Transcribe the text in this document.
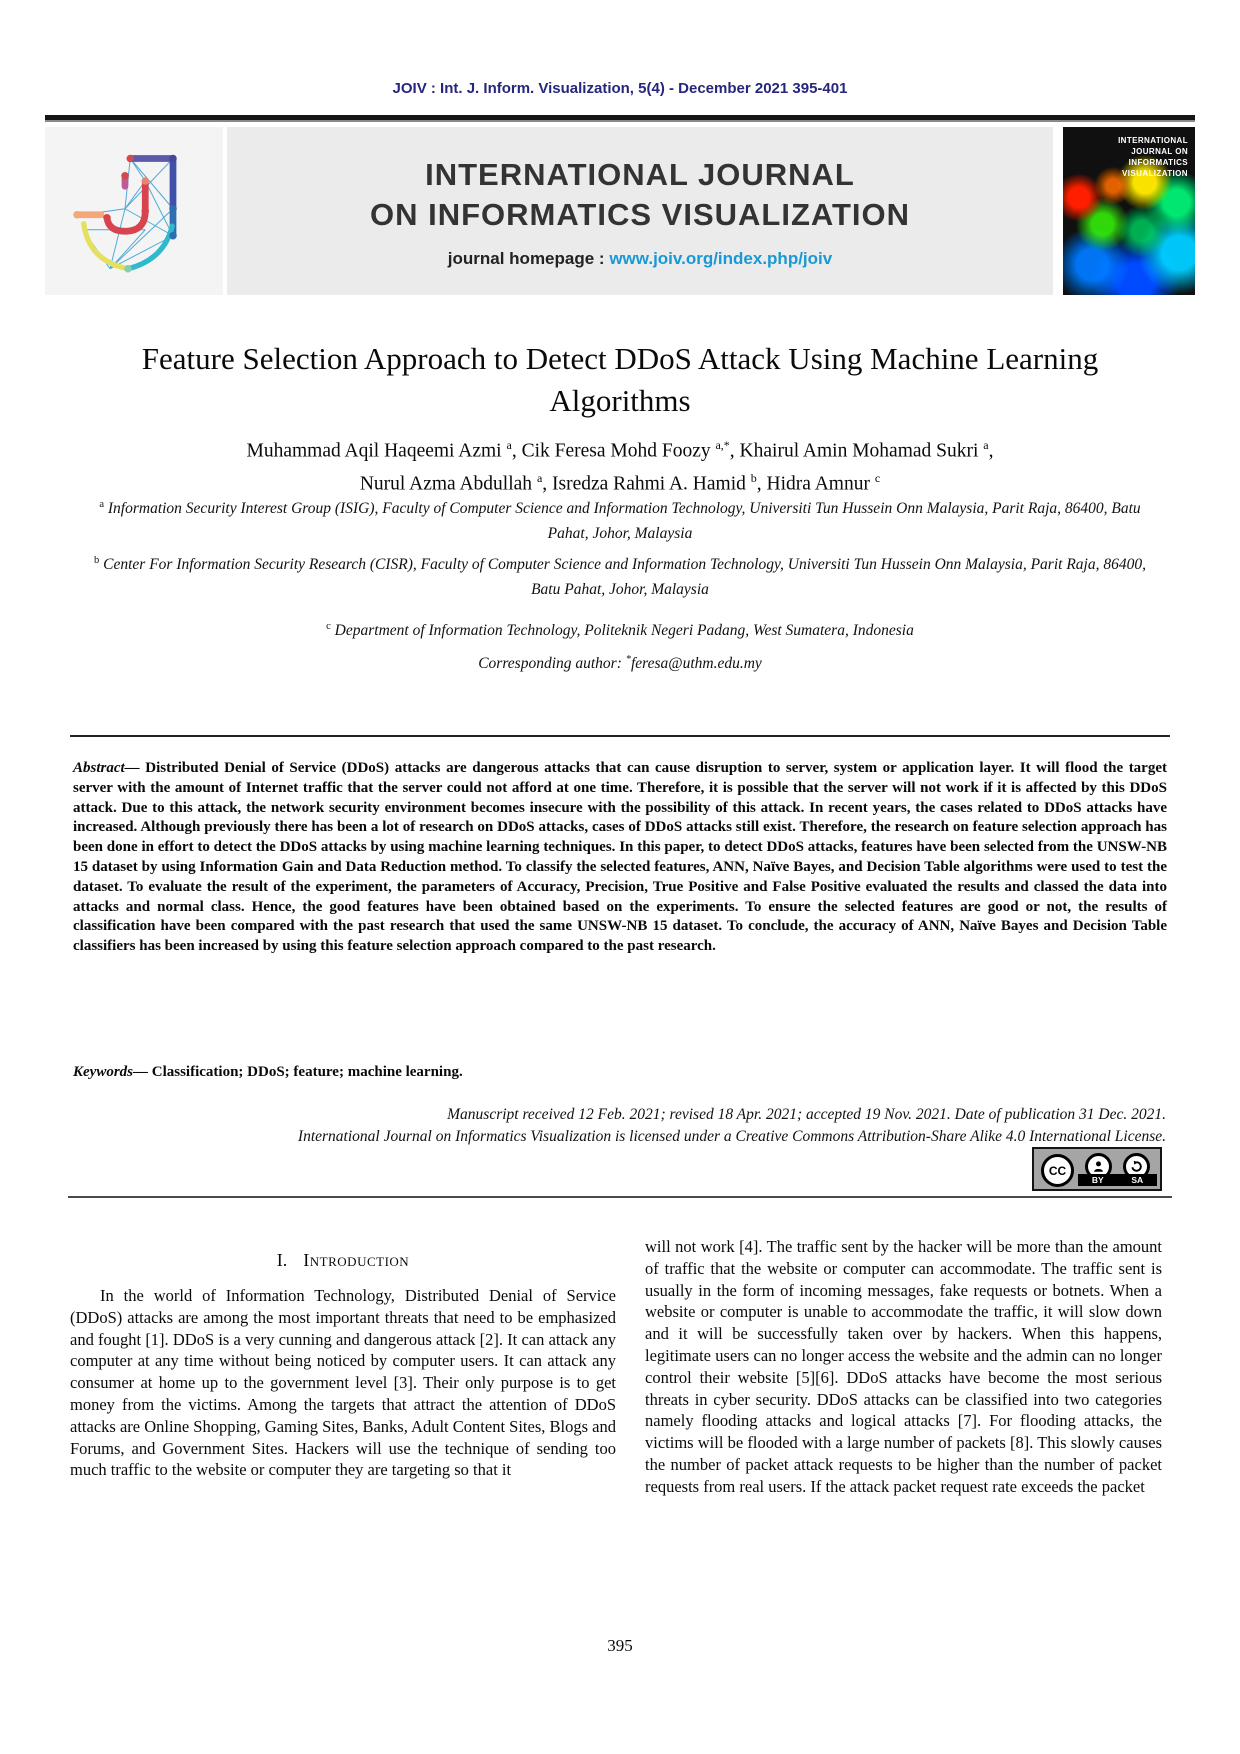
JOIV : Int. J. Inform. Visualization, 5(4) - December 2021 395-401
INTERNATIONAL JOURNAL
ON INFORMATICS VISUALIZATION
journal homepage : www.joiv.org/index.php/joiv
INTERNATIONAL
JOURNAL ON
INFORMATICS
VISUALIZATION
Feature Selection Approach to Detect DDoS Attack Using Machine Learning Algorithms
Muhammad Aqil Haqeemi Azmi $^a$, Cik Feresa Mohd Foozy $^{a,*}$, Khairul Amin Mohamad Sukri $^a$,
Nurul Azma Abdullah $^a$, Isredza Rahmi A. Hamid $^b$, Hidra Amnur $^c$
$^a$ Information Security Interest Group (ISIG), Faculty of Computer Science and Information Technology, Universiti Tun Hussein Onn Malaysia, Parit Raja, 86400, Batu Pahat, Johor, Malaysia
$^b$ Center For Information Security Research (CISR), Faculty of Computer Science and Information Technology, Universiti Tun Hussein Onn Malaysia, Parit Raja, 86400, Batu Pahat, Johor, Malaysia
$^c$ Department of Information Technology, Politeknik Negeri Padang, West Sumatera, Indonesia
Corresponding author: *feresa@uthm.edu.my
Abstract— Distributed Denial of Service (DDoS) attacks are dangerous attacks that can cause disruption to server, system or application layer. It will flood the target server with the amount of Internet traffic that the server could not afford at one time. Therefore, it is possible that the server will not work if it is affected by this DDoS attack. Due to this attack, the network security environment becomes insecure with the possibility of this attack. In recent years, the cases related to DDoS attacks have increased. Although previously there has been a lot of research on DDoS attacks, cases of DDoS attacks still exist. Therefore, the research on feature selection approach has been done in effort to detect the DDoS attacks by using machine learning techniques. In this paper, to detect DDoS attacks, features have been selected from the UNSW-NB 15 dataset by using Information Gain and Data Reduction method. To classify the selected features, ANN, Naïve Bayes, and Decision Table algorithms were used to test the dataset. To evaluate the result of the experiment, the parameters of Accuracy, Precision, True Positive and False Positive evaluated the results and classed the data into attacks and normal class. Hence, the good features have been obtained based on the experiments. To ensure the selected features are good or not, the results of classification have been compared with the past research that used the same UNSW-NB 15 dataset. To conclude, the accuracy of ANN, Naïve Bayes and Decision Table classifiers has been increased by using this feature selection approach compared to the past research.
Keywords— Classification; DDoS; feature; machine learning.
Manuscript received 12 Feb. 2021; revised 18 Apr. 2021; accepted 19 Nov. 2021. Date of publication 31 Dec. 2021.
International Journal on Informatics Visualization is licensed under a Creative Commons Attribution-Share Alike 4.0 International License.
CC
BY	SA
I. Introduction
In the world of Information Technology, Distributed Denial of Service (DDoS) attacks are among the most important threats that need to be emphasized and fought [1]. DDoS is a very cunning and dangerous attack [2]. It can attack any computer at any time without being noticed by computer users. It can attack any consumer at home up to the government level [3]. Their only purpose is to get money from the victims. Among the targets that attract the attention of DDoS attacks are Online Shopping, Gaming Sites, Banks, Adult Content Sites, Blogs and Forums, and Government Sites. Hackers will use the technique of sending too much traffic to the website or computer they are targeting so that it
will not work [4]. The traffic sent by the hacker will be more than the amount of traffic that the website or computer can accommodate. The traffic sent is usually in the form of incoming messages, fake requests or botnets. When a website or computer is unable to accommodate the traffic, it will slow down and it will be successfully taken over by hackers. When this happens, legitimate users can no longer access the website and the admin can no longer control their website [5][6]. DDoS attacks have become the most serious threats in cyber security. DDoS attacks can be classified into two categories namely flooding attacks and logical attacks [7]. For flooding attacks, the victims will be flooded with a large number of packets [8]. This slowly causes the number of packet attack requests to be higher than the number of packet requests from real users. If the attack packet request rate exceeds the packet
395
